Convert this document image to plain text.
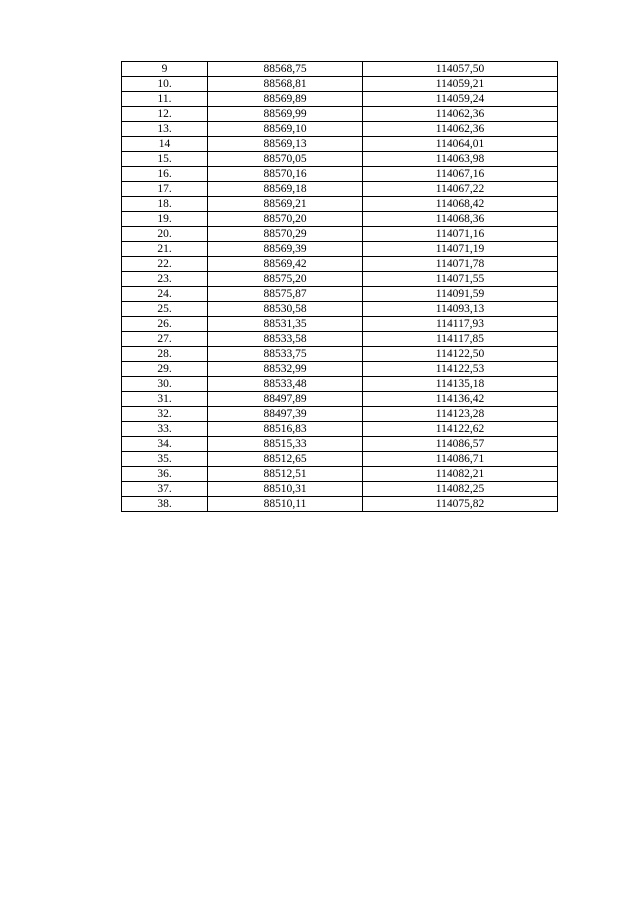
9	88568,75	114057,50
10.	88568,81	114059,21
11.	88569,89	114059,24
12.	88569,99	114062,36
13.	88569,10	114062,36
14	88569,13	114064,01
15.	88570,05	114063,98
16.	88570,16	114067,16
17.	88569,18	114067,22
18.	88569,21	114068,42
19.	88570,20	114068,36
20.	88570,29	114071,16
21.	88569,39	114071,19
22.	88569,42	114071,78
23.	88575,20	114071,55
24.	88575,87	114091,59
25.	88530,58	114093,13
26.	88531,35	114117,93
27.	88533,58	114117,85
28.	88533,75	114122,50
29.	88532,99	114122,53
30.	88533,48	114135,18
31.	88497,89	114136,42
32.	88497,39	114123,28
33.	88516,83	114122,62
34.	88515,33	114086,57
35.	88512,65	114086,71
36.	88512,51	114082,21
37.	88510,31	114082,25
38.	88510,11	114075,82
